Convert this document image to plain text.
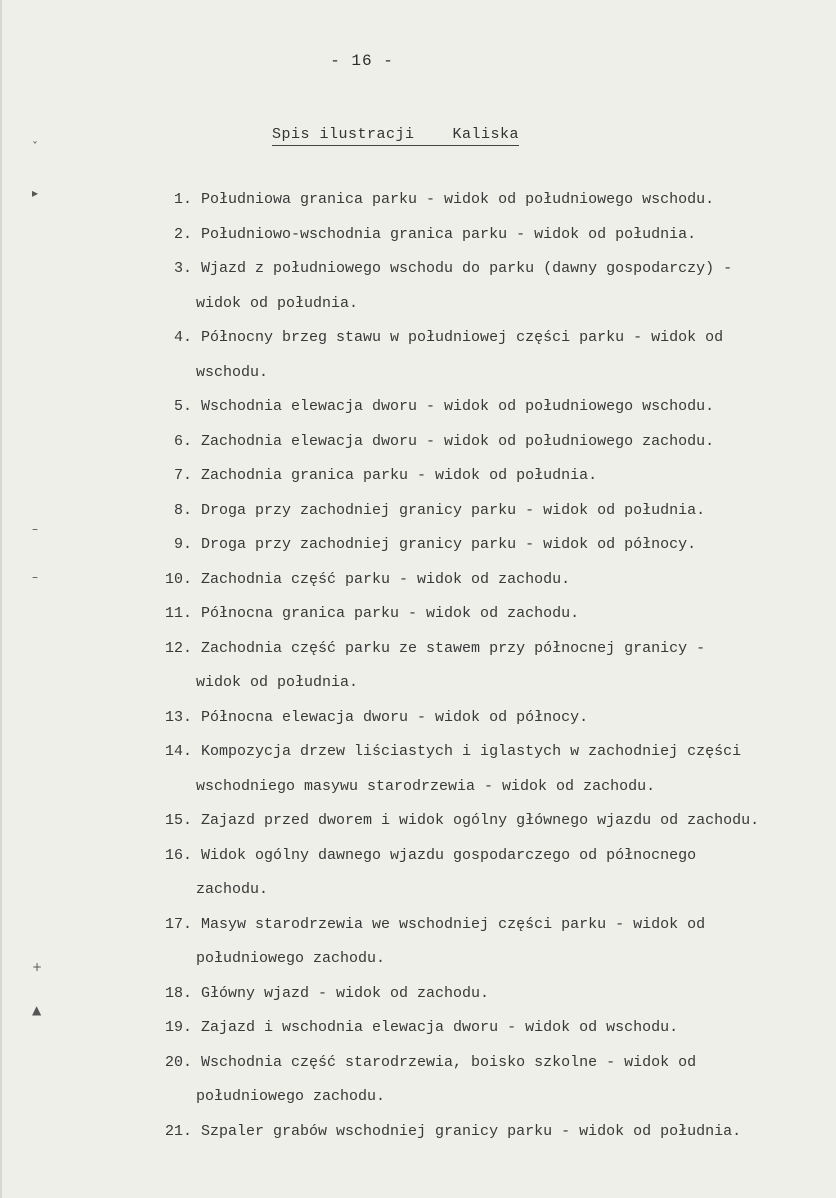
- 16 -
Spis ilustracji    Kaliska
ˇ
▸
–
–
+
▲
1. Południowa granica parku - widok od południowego wschodu.
2. Południowo-wschodnia granica parku - widok od południa.
3. Wjazd z południowego wschodu do parku (dawny gospodarczy) -
widok od południa.
4. Północny brzeg stawu w południowej części parku - widok od
wschodu.
5. Wschodnia elewacja dworu - widok od południowego wschodu.
6. Zachodnia elewacja dworu - widok od południowego zachodu.
7. Zachodnia granica parku - widok od południa.
8. Droga przy zachodniej granicy parku - widok od południa.
9. Droga przy zachodniej granicy parku - widok od północy.
10. Zachodnia część parku - widok od zachodu.
11. Północna granica parku - widok od zachodu.
12. Zachodnia część parku ze stawem przy północnej granicy -
widok od południa.
13. Północna elewacja dworu - widok od północy.
14. Kompozycja drzew liściastych i iglastych w zachodniej części
wschodniego masywu starodrzewia - widok od zachodu.
15. Zajazd przed dworem i widok ogólny głównego wjazdu od zachodu.
16. Widok ogólny dawnego wjazdu gospodarczego od północnego
zachodu.
17. Masyw starodrzewia we wschodniej części parku - widok od
południowego zachodu.
18. Główny wjazd - widok od zachodu.
19. Zajazd i wschodnia elewacja dworu - widok od wschodu.
20. Wschodnia część starodrzewia, boisko szkolne - widok od
południowego zachodu.
21. Szpaler grabów wschodniej granicy parku - widok od południa.
